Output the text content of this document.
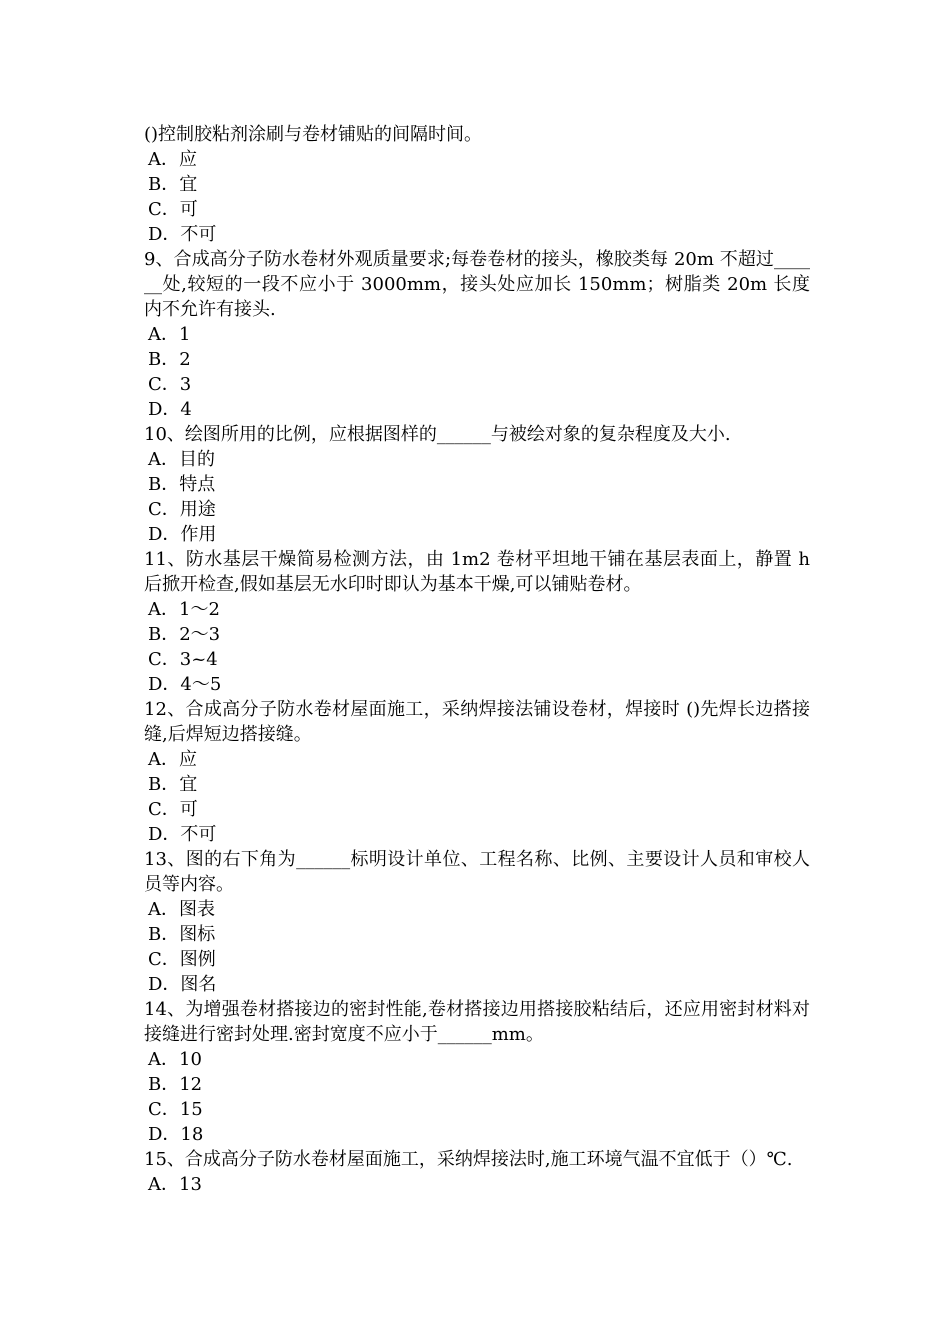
()控制胶粘剂涂刷与卷材铺贴的间隔时间。
A．应
B．宜
C．可
D．不可
9、合成高分子防水卷材外观质量要求;每卷卷材的接头，橡胶类每 20m 不超过______处,较短的一段不应小于 3000mm，接头处应加长 150mm；树脂类 20m 长度内不允许有接头.
A．1
B．2
C．3
D．4
10、绘图所用的比例，应根据图样的______与被绘对象的复杂程度及大小.
A．目的
B．特点
C．用途
D．作用
11、防水基层干燥简易检测方法，由 1m2 卷材平坦地干铺在基层表面上，静置 h 后掀开检查,假如基层无水印时即认为基本干燥,可以铺贴卷材。
A．1～2
B．2～3
C．3~4
D．4～5
12、合成高分子防水卷材屋面施工，采纳焊接法铺设卷材，焊接时 ()先焊长边搭接缝,后焊短边搭接缝。
A．应
B．宜
C．可
D．不可
13、图的右下角为______标明设计单位、工程名称、比例、主要设计人员和审校人员等内容。
A．图表
B．图标
C．图例
D．图名
14、为增强卷材搭接边的密封性能,卷材搭接边用搭接胶粘结后，还应用密封材料对接缝进行密封处理.密封宽度不应小于______mm。
A．10
B．12
C．15
D．18
15、合成高分子防水卷材屋面施工，采纳焊接法时,施工环境气温不宜低于（）℃.
A．13
